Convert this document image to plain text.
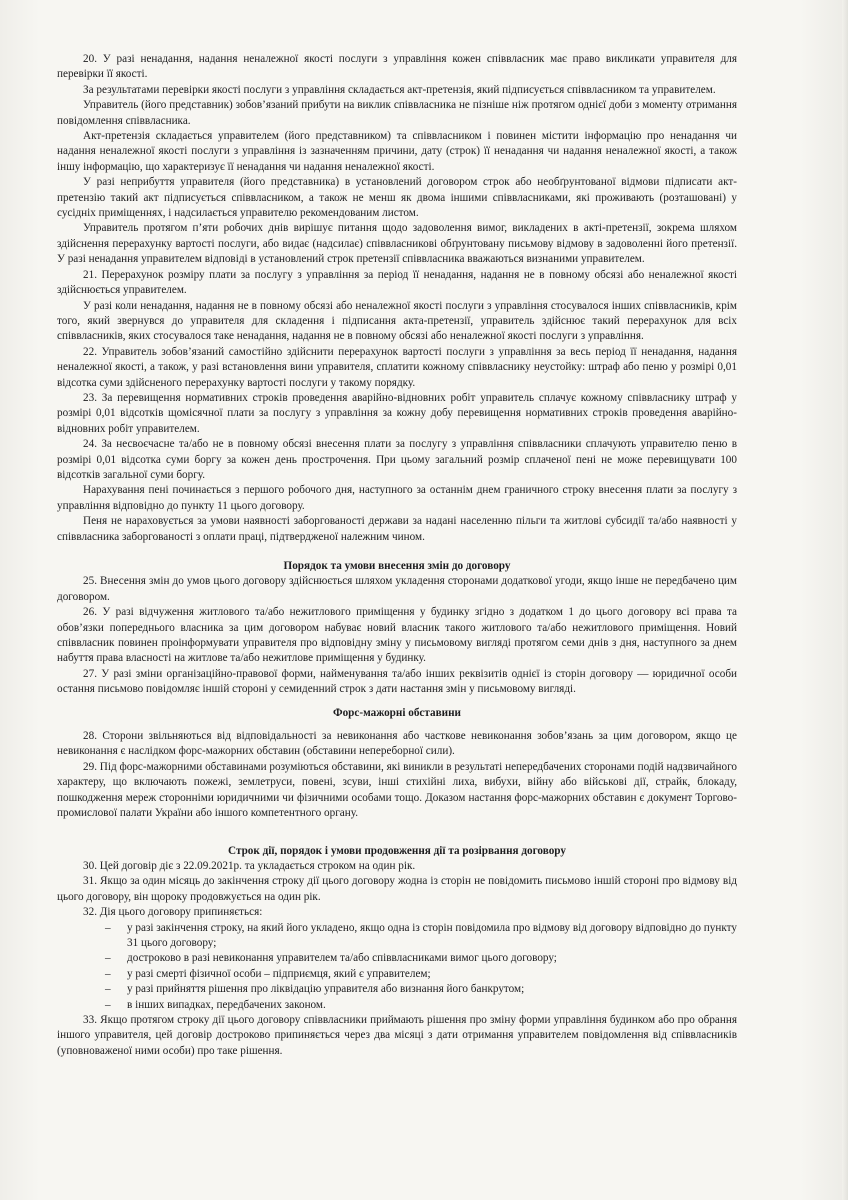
20. У разі ненадання, надання неналежної якості послуги з управління кожен співвласник має право викликати управителя для перевірки її якості.

За результатами перевірки якості послуги з управління складається акт-претензія, який підписується співвласником та управителем.

Управитель (його представник) зобов’язаний прибути на виклик співвласника не пізніше ніж протягом однієї доби з моменту отримання повідомлення співвласника.

Акт-претензія складається управителем (його представником) та співвласником і повинен містити інформацію про ненадання чи надання неналежної якості послуги з управління із зазначенням причини, дату (строк) її ненадання чи надання неналежної якості, а також іншу інформацію, що характеризує її ненадання чи надання неналежної якості.

У разі неприбуття управителя (його представника) в установлений договором строк або необґрунтованої відмови підписати акт-претензію такий акт підписується співвласником, а також не менш як двома іншими співвласниками, які проживають (розташовані) у суcідніх приміщеннях, і надсилається управителю рекомендованим листом.

Управитель протягом п’яти робочих днів вирішує питання щодо задоволення вимог, викладених в акті-претензії, зокрема шляхом здійснення перерахунку вартості послуги, або видає (надсилає) співвласникові обґрунтовану письмову відмову в задоволенні його претензії. У разі ненадання управителем відповіді в установлений строк претензії співвласника вважаються визнаними управителем.

21. Перерахунок розміру плати за послугу з управління за період її ненадання, надання не в повному обсязі або неналежної якості здійснюється управителем.

У разі коли ненадання, надання не в повному обсязі або неналежної якості послуги з управління стосувалося інших співвласників, крім того, який звернувся до управителя для складення і підписання акта-претензії, управитель здійснює такий перерахунок для всіх співвласників, яких стосувалося таке ненадання, надання не в повному обсязі або неналежної якості послуги з управління.

22. Управитель зобов’язаний самостійно здійснити перерахунок вартості послуги з управління за весь період її ненадання, надання неналежної якості, а також, у разі встановлення вини управителя, сплатити кожному співвласнику неустойку: штраф або пеню у розмірі 0,01 відсотка суми здійсненого перерахунку вартості послуги у такому порядку.

23. За перевищення нормативних строків проведення аварійно-відновних робіт управитель сплачує кожному співвласнику штраф у розмірі 0,01 відсотків щомісячної плати за послугу з управління за кожну добу перевищення нормативних строків проведення аварійно-відновних робіт управителем.

24. За несвоєчасне та/або не в повному обсязі внесення плати за послугу з управління співвласники сплачують управителю пеню в розмірі 0,01 відсотка суми боргу за кожен день прострочення. При цьому загальний розмір сплаченої пені не може перевищувати 100 відсотків загальної суми боргу.

Нарахування пені починається з першого робочого дня, наступного за останнім днем граничного строку внесення плати за послугу з управління відповідно до пункту 11 цього договору.

Пеня не нараховується за умови наявності заборгованості держави за надані населенню пільги та житлові субсидії та/або наявності у співвласника заборгованості з оплати праці, підтвердженої належним чином.

Порядок та умови внесення змін до договору

25. Внесення змін до умов цього договору здійснюється шляхом укладення сторонами додаткової угоди, якщо інше не передбачено цим договором.

26. У разі відчуження житлового та/або нежитлового приміщення у будинку згідно з додатком 1 до цього договору всі права та обов’язки попереднього власника за цим договором набуває новий власник такого житлового та/або нежитлового приміщення. Новий співвласник повинен проінформувати управителя про відповідну зміну у письмовому вигляді протягом семи днів з дня, наступного за днем набуття права власності на житлове та/або нежитлове приміщення у будинку.

27. У разі зміни організаційно-правової форми, найменування та/або інших реквізитів однієї із сторін договору — юридичної особи остання письмово повідомляє іншій стороні у семиденний строк з дати настання змін у письмовому вигляді.

Форс-мажорні обставини

28. Сторони звільняються від відповідальності за невиконання або часткове невиконання зобов’язань за цим договором, якщо це невиконання є наслідком форс-мажорних обставин (обставини непереборної сили).

29. Під форс-мажорними обставинами розуміються обставини, які виникли в результаті непередбачених сторонами подій надзвичайного характеру, що включають пожежі, землетруси, повені, зсуви, інші стихійні лиха, вибухи, війну або військові дії, страйк, блокаду, пошкодження мереж сторонніми юридичними чи фізичними особами тощо. Доказом настання форс-мажорних обставин є документ Торгово-промислової палати України або іншого компетентного органу.

Строк дії, порядок і умови продовження дії та розірвання договору

30. Цей договір діє з 22.09.2021р. та укладається строком на один рік.

31. Якщо за один місяць до закінчення строку дії цього договору жодна із сторін не повідомить письмово іншій стороні про відмову від цього договору, він щороку продовжується на один рік.

32. Дія цього договору припиняється:

– у разі закінчення строку, на який його укладено, якщо одна із сторін повідомила про відмову від договору відповідно до пункту 31 цього договору;
– достроково в разі невиконання управителем та/або співвласниками вимог цього договору;
– у разі смерті фізичної особи – підприємця, який є управителем;
– у разі прийняття рішення про ліквідацію управителя або визнання його банкрутом;
– в інших випадках, передбачених законом.

33. Якщо протягом строку дії цього договору співвласники приймають рішення про зміну форми управління будинком або про обрання іншого управителя, цей договір достроково припиняється через два місяці з дати отримання управителем повідомлення від співвласників (уповноваженої ними особи) про таке рішення.
